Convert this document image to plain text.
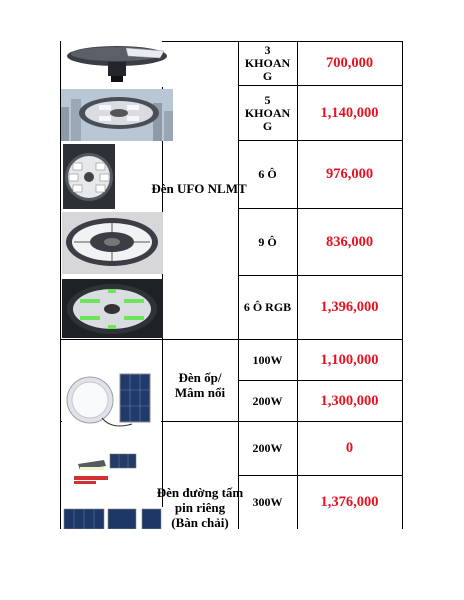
Đèn UFO NLMT
Đèn ốp/
Mâm nổi
Đèn đường tấm
pin riêng
(Bàn chải)
3
KHOAN
G
5
KHOAN
G
6 Ô
9 Ô
6 Ô RGB
100W
200W
200W
300W
700,000
1,140,000
976,000
836,000
1,396,000
1,100,000
1,300,000
0
1,376,000
